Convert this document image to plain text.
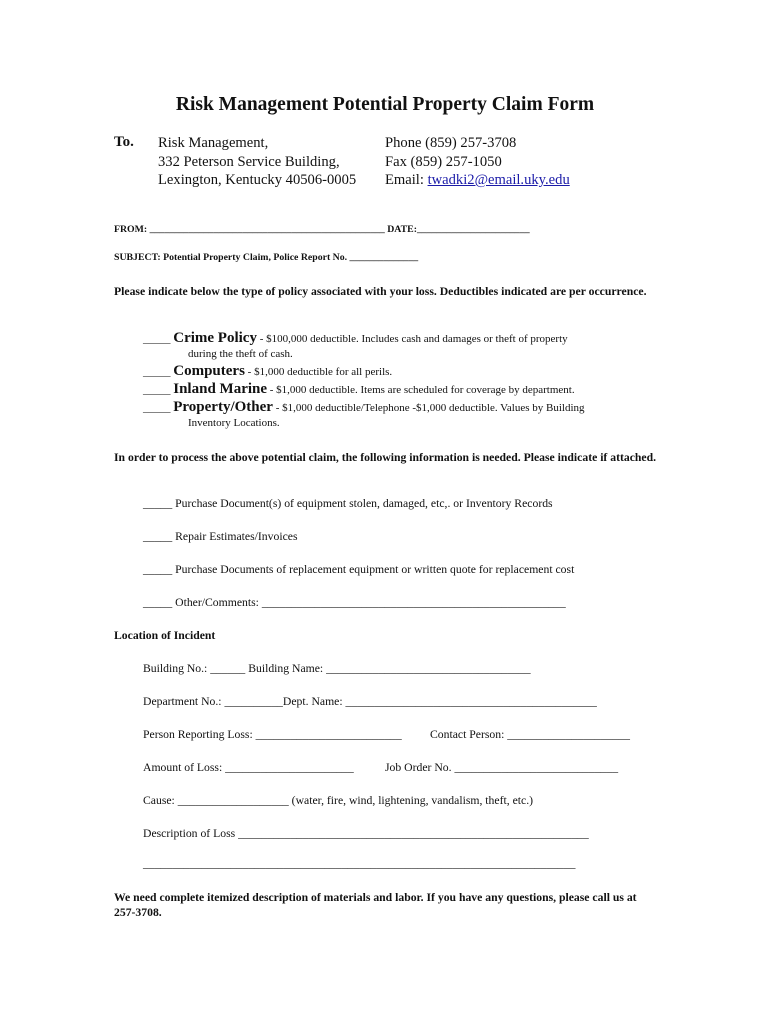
Risk Management Potential Property Claim Form
To. Risk Management,
332 Peterson Service Building,
Lexington, Kentucky 40506-0005
Phone (859) 257-3708
Fax (859) 257-1050
Email: twadki2@email.uky.edu
FROM: ________________________________________________ DATE:_______________________
SUBJECT: Potential Property Claim, Police Report No. ______________
Please indicate below the type of policy associated with your loss. Deductibles indicated are per occurrence.
_____ Crime Policy - $100,000 deductible. Includes cash and damages or theft of property
during the theft of cash.
_____ Computers - $1,000 deductible for all perils.
_____ Inland Marine - $1,000 deductible. Items are scheduled for coverage by department.
_____ Property/Other - $1,000 deductible/Telephone -$1,000 deductible. Values by Building
Inventory Locations.
In order to process the above potential claim, the following information is needed. Please indicate if attached.
_____ Purchase Document(s) of equipment stolen, damaged, etc,. or Inventory Records
_____ Repair Estimates/Invoices
_____ Purchase Documents of replacement equipment or written quote for replacement cost
_____ Other/Comments: ____________________________________________________
Location of Incident
Building No.: ______ Building Name: ___________________________________
Department No.: __________Dept. Name: ___________________________________________
Person Reporting Loss: _________________________ Contact Person: _____________________
Amount of Loss: ______________________	Job Order No. ____________________________
Cause: ___________________ (water, fire, wind, lightening, vandalism, theft, etc.)
Description of Loss ____________________________________________________________
__________________________________________________________________________
We need complete itemized description of materials and labor. If you have any questions, please call us at 257-3708.
